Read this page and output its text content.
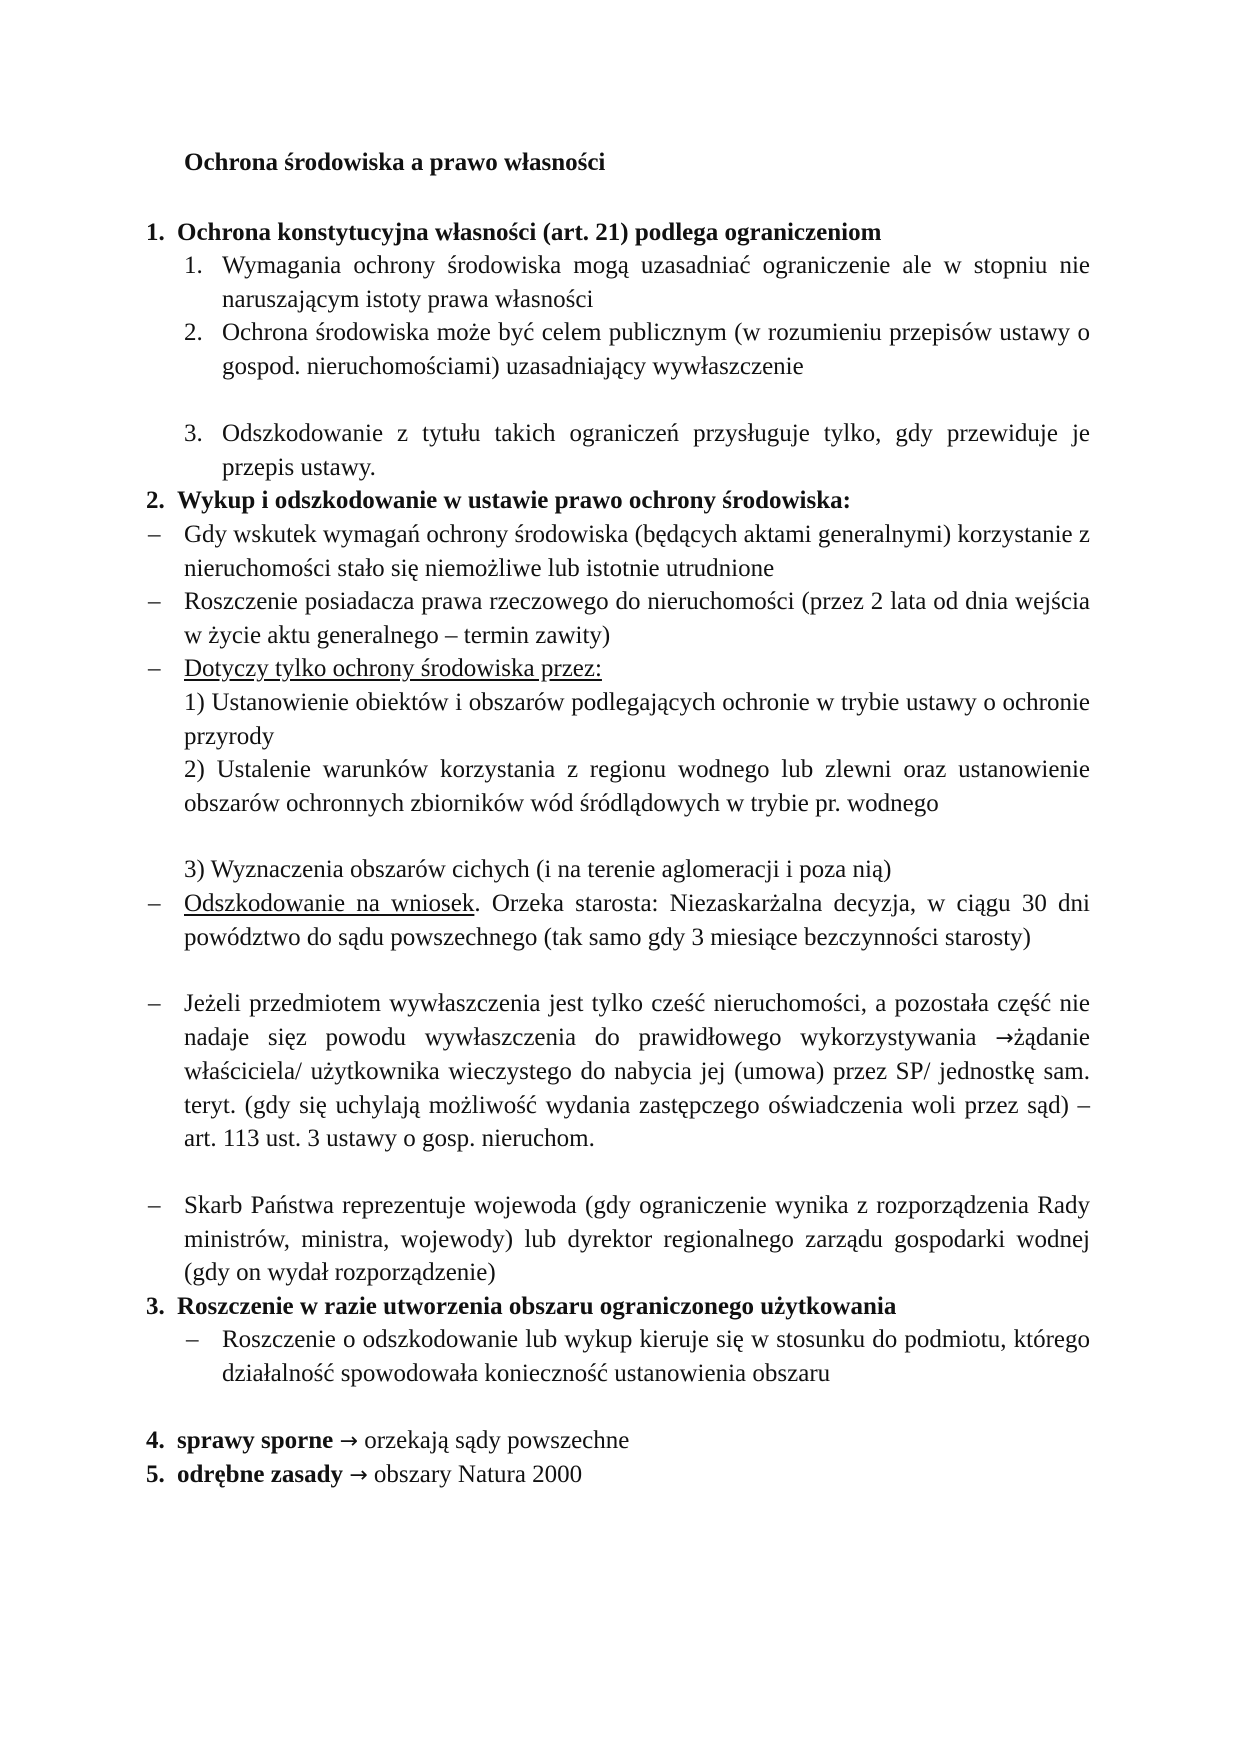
Ochrona środowiska a prawo własności
1. Ochrona konstytucyjna własności (art. 21) podlega ograniczeniom
1. Wymagania ochrony środowiska mogą uzasadniać ograniczenie ale w stopniu nie naruszającym istoty prawa własności
2. Ochrona środowiska może być celem publicznym (w rozumieniu przepisów ustawy o gospod. nieruchomościami) uzasadniający wywłaszczenie
3. Odszkodowanie z tytułu takich ograniczeń przysługuje tylko, gdy przewiduje je przepis ustawy.
2. Wykup i odszkodowanie w ustawie prawo ochrony środowiska:
– Gdy wskutek wymagań ochrony środowiska (będących aktami generalnymi) korzystanie z nieruchomości stało się niemożliwe lub istotnie utrudnione
– Roszczenie posiadacza prawa rzeczowego do nieruchomości (przez 2 lata od dnia wejścia w życie aktu generalnego – termin zawity)
– Dotyczy tylko ochrony środowiska przez:
1) Ustanowienie obiektów i obszarów podlegających ochronie w trybie ustawy o ochronie przyrody
2) Ustalenie warunków korzystania z regionu wodnego lub zlewni oraz ustanowienie obszarów ochronnych zbiorników wód śródlądowych w trybie pr. wodnego
3) Wyznaczenia obszarów cichych (i na terenie aglomeracji i poza nią)
– Odszkodowanie na wniosek. Orzeka starosta: Niezaskarżalna decyzja, w ciągu 30 dni powództwo do sądu powszechnego (tak samo gdy 3 miesiące bezczynności starosty)
– Jeżeli przedmiotem wywłaszczenia jest tylko cześć nieruchomości, a pozostała część nie nadaje sięz powodu wywłaszczenia do prawidłowego wykorzystywania →żądanie właściciela/ użytkownika wieczystego do nabycia jej (umowa) przez SP/ jednostkę sam. teryt. (gdy się uchylają możliwość wydania zastępczego oświadczenia woli przez sąd) – art. 113 ust. 3 ustawy o gosp. nieruchom.
– Skarb Państwa reprezentuje wojewoda (gdy ograniczenie wynika z rozporządzenia Rady ministrów, ministra, wojewody) lub dyrektor regionalnego zarządu gospodarki wodnej (gdy on wydał rozporządzenie)
3. Roszczenie w razie utworzenia obszaru ograniczonego użytkowania
– Roszczenie o odszkodowanie lub wykup kieruje się w stosunku do podmiotu, którego działalność spowodowała konieczność ustanowienia obszaru
4. sprawy sporne → orzekają sądy powszechne
5. odrębne zasady → obszary Natura 2000
